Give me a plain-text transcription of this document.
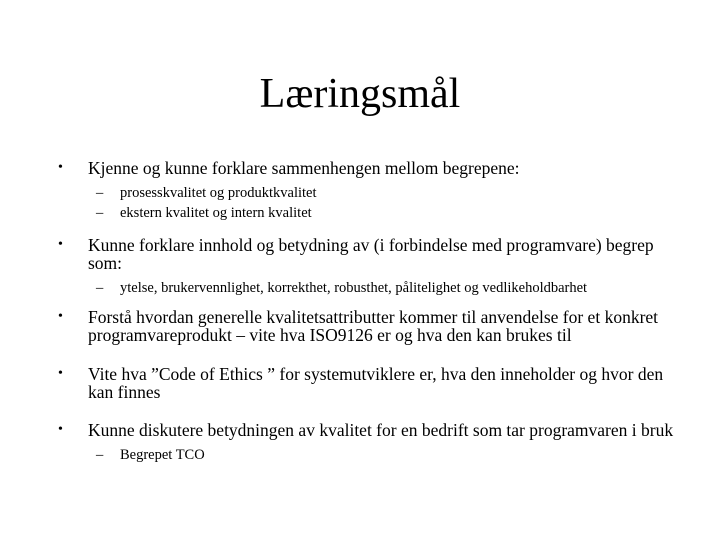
Læringsmål
• Kjenne og kunne forklare sammenhengen mellom begrepene:
– prosesskvalitet og produktkvalitet
– ekstern kvalitet og intern kvalitet
• Kunne forklare innhold og betydning av (i forbindelse med programvare) begrep som:
– ytelse, brukervennlighet, korrekthet, robusthet, pålitelighet og vedlikeholdbarhet
• Forstå hvordan generelle kvalitetsattributter kommer til anvendelse for et konkret programvareprodukt – vite hva ISO9126 er og hva den kan brukes til
• Vite hva ”Code of Ethics ” for systemutviklere er, hva den inneholder og hvor den kan finnes
• Kunne diskutere betydningen av kvalitet for en bedrift som tar programvaren i bruk
– Begrepet TCO
